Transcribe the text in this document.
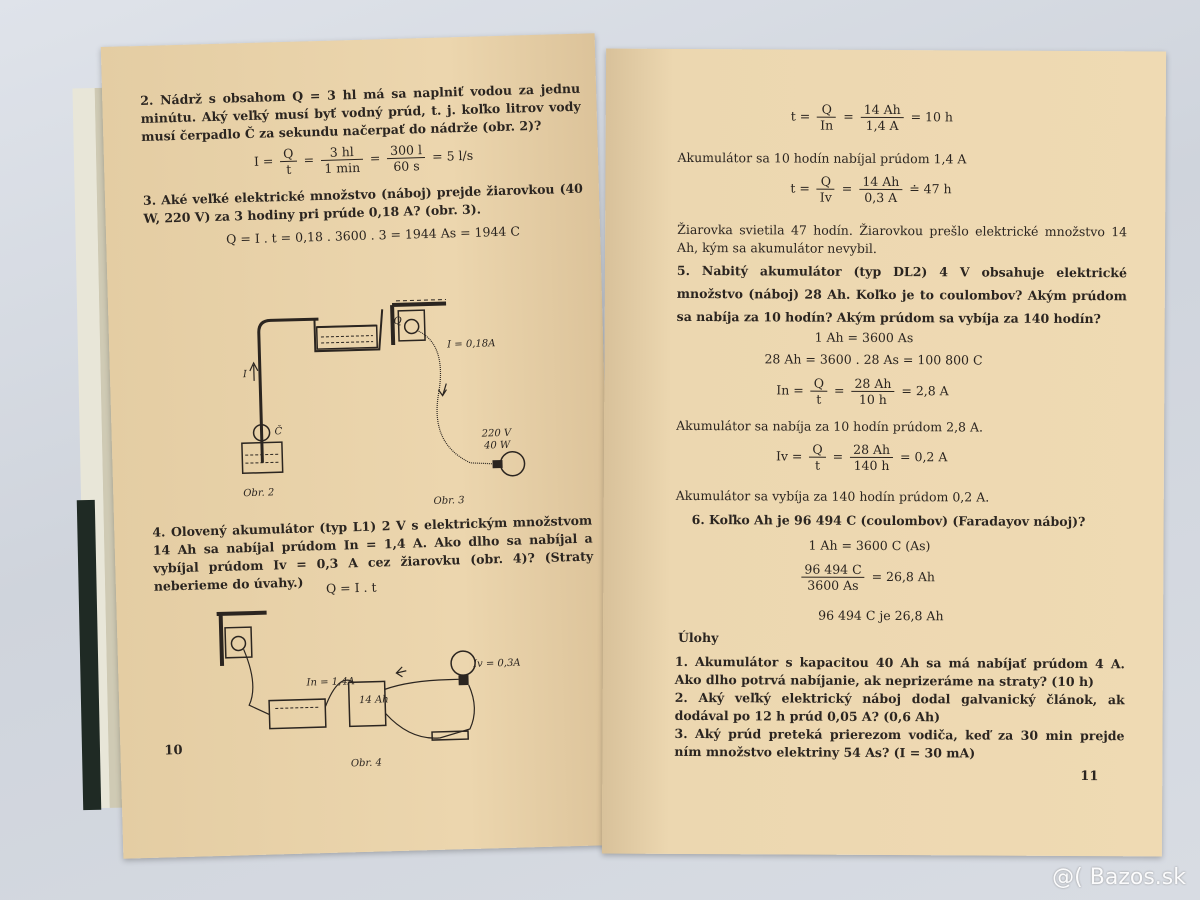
2. Nádrž s obsahom Q = 3 hl má sa naplniť vodou za jednu minútu. Aký veľký musí byť vodný prúd, t. j. koľko litrov vody musí čerpadlo Č za sekundu načerpať do nádrže (obr. 2)?
$I = \frac{Q}{t} = \frac{3 hl}{1 \min} = \frac{300 l}{60 s} = 5$ l/s
3. Aké veľké elektrické množstvo (náboj) prejde žiarovkou (40 W, 220 V) za 3 hodiny pri prúde 0,18 A? (obr. 3).
Q = I . t = 0,18 . 3600 . 3 = 1944 As = 1944 C
Q
I
Č
Obr. 2
I = 0,18A
220 V
40 W
Obr. 3
4. Olovený akumulátor (typ L1) 2 V s elektrickým množstvom 14 Ah sa nabíjal prúdom In = 1,4 A. Ako dlho sa nabíjal a vybíjal prúdom Iv = 0,3 A cez žiarovku (obr. 4)? (Straty neberieme do úvahy.)	Q = I . t
In = 1,4A
14 Ah
Iv = 0,3A
Obr. 4
10
$t = \frac{Q}{In} = \frac{14 Ah}{1,4 A} = 10$ h
Akumulátor sa 10 hodín nabíjal prúdom 1,4 A
$t = \frac{Q}{Iv} = \frac{14 Ah}{0,3 A}$ ≐ 47 h
Žiarovka svietila 47 hodín. Žiarovkou prešlo elektrické množstvo 14 Ah, kým sa akumulátor nevybil.
5. Nabitý akumulátor (typ DL2) 4 V obsahuje elektrické množstvo (náboj) 28 Ah. Koľko je to coulombov? Akým prúdom sa nabíja za 10 hodín? Akým prúdom sa vybíja za 140 hodín?
1 Ah = 3600 As
28 Ah = 3600 . 28 As = 100 800 C
$In = \frac{Q}{t} = \frac{28 Ah}{10 h} = 2,8$ A
Akumulátor sa nabíja za 10 hodín prúdom 2,8 A.
$Iv = \frac{Q}{t} = \frac{28 Ah}{140 h} = 0,2$ A
Akumulátor sa vybíja za 140 hodín prúdom 0,2 A.
6. Koľko Ah je 96 494 C (coulombov) (Faradayov náboj)?
1 Ah = 3600 C (As)
$\frac{96 494 C}{3600 As} = 26,8$ Ah
96 494 C je 26,8 Ah
Úlohy
1. Akumulátor s kapacitou 40 Ah sa má nabíjať prúdom 4 A. Ako dlho potrvá nabíjanie, ak neprizeráme na straty? (10 h)
2. Aký veľký elektrický náboj dodal galvanický článok, ak dodával po 12 h prúd 0,05 A? (0,6 Ah)
3. Aký prúd preteká prierezom vodiča, keď za 30 min prejde ním množstvo elektriny 54 As? (I = 30 mA)
11
@( Bazos.sk
